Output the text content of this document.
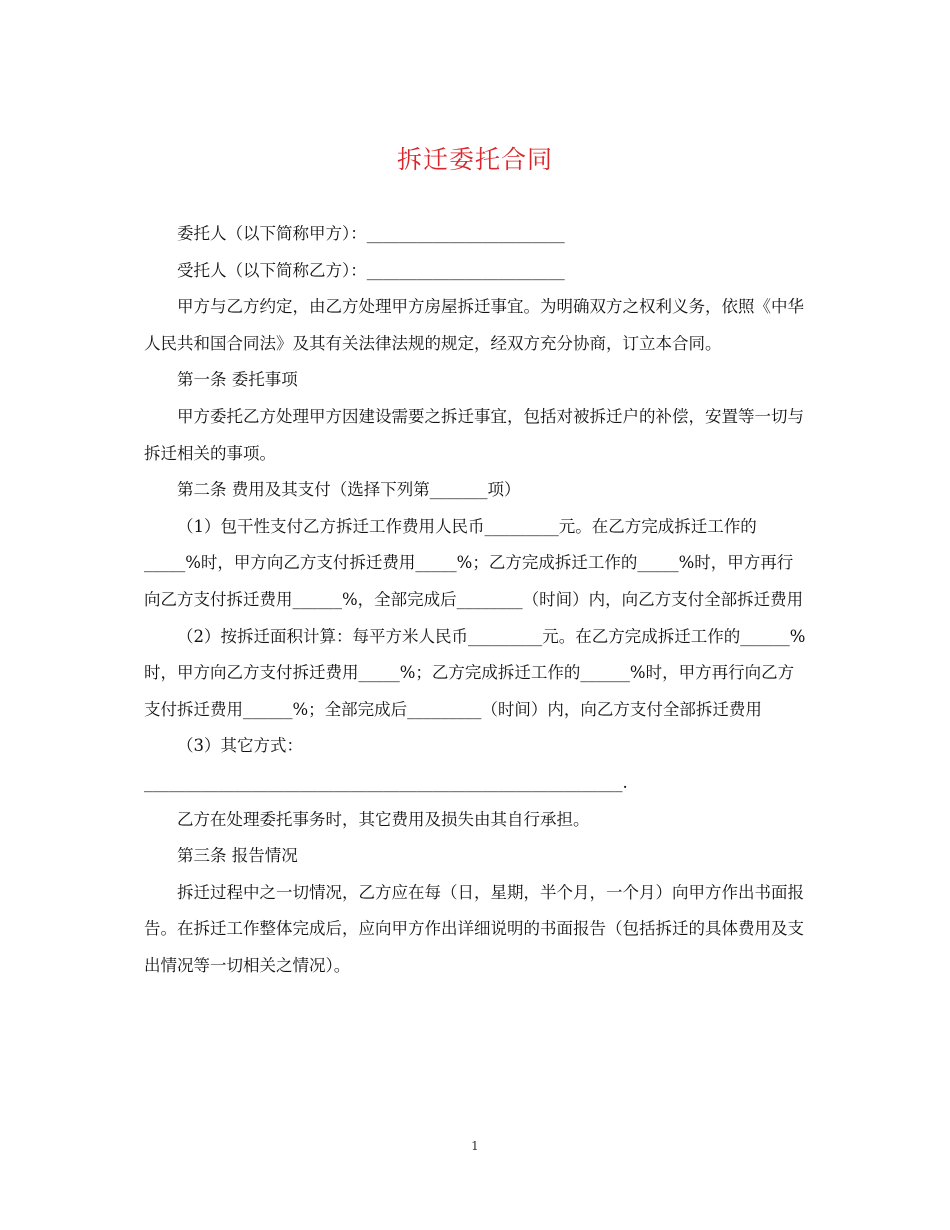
拆迁委托合同

委托人（以下简称甲方）：________________________

受托人（以下简称乙方）：________________________

甲方与乙方约定，由乙方处理甲方房屋拆迁事宜。为明确双方之权利义务，依照《中华人民共和国合同法》及其有关法律法规的规定，经双方充分协商，订立本合同。

第一条 委托事项

甲方委托乙方处理甲方因建设需要之拆迁事宜，包括对被拆迁户的补偿，安置等一切与拆迁相关的事项。

第二条 费用及其支付（选择下列第_______项）

（1）包干性支付乙方拆迁工作费用人民币_________元。在乙方完成拆迁工作的_____%时，甲方向乙方支付拆迁费用_____%；乙方完成拆迁工作的_____%时，甲方再行向乙方支付拆迁费用______%，全部完成后________（时间）内，向乙方支付全部拆迁费用

（2）按拆迁面积计算：每平方米人民币_________元。在乙方完成拆迁工作的______%时，甲方向乙方支付拆迁费用_____%；乙方完成拆迁工作的______%时，甲方再行向乙方支付拆迁费用______%；全部完成后_________（时间）内，向乙方支付全部拆迁费用

（3）其它方式：

__________________________________________________________.

乙方在处理委托事务时，其它费用及损失由其自行承担。

第三条 报告情况

拆迁过程中之一切情况，乙方应在每（日，星期，半个月，一个月）向甲方作出书面报告。在拆迁工作整体完成后，应向甲方作出详细说明的书面报告（包括拆迁的具体费用及支出情况等一切相关之情况）。

1
